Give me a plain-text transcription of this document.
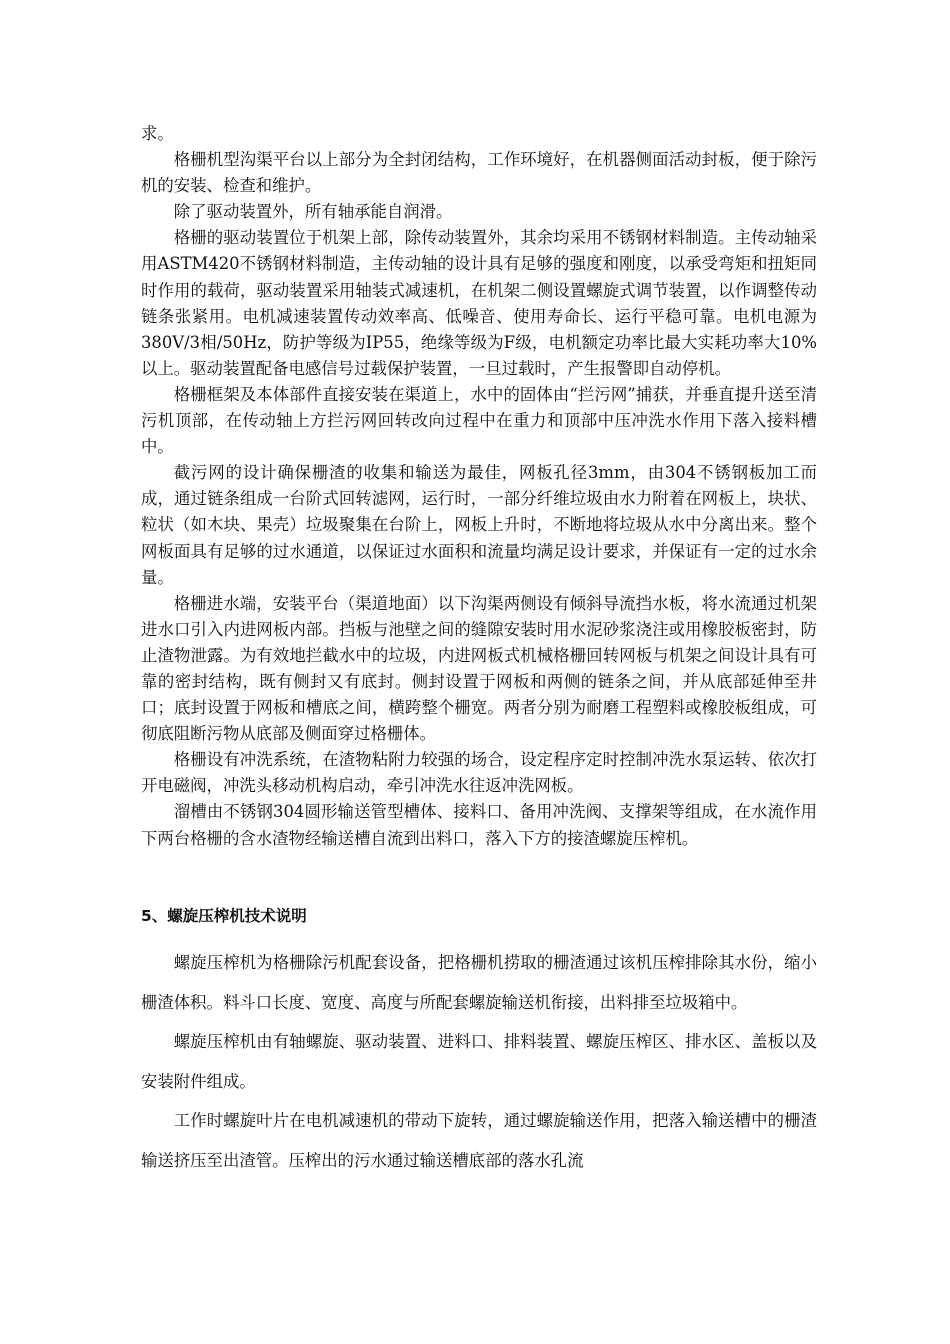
求。

格栅机型沟渠平台以上部分为全封闭结构，工作环境好，在机器侧面活动封板，便于除污机的安装、检查和维护。

除了驱动装置外，所有轴承能自润滑。

格栅的驱动装置位于机架上部，除传动装置外，其余均采用不锈钢材料制造。主传动轴采用ASTM420不锈钢材料制造，主传动轴的设计具有足够的强度和刚度，以承受弯矩和扭矩同时作用的载荷，驱动装置采用轴装式减速机，在机架二侧设置螺旋式调节装置，以作调整传动链条张紧用。电机减速装置传动效率高、低噪音、使用寿命长、运行平稳可靠。电机电源为380V/3相/50Hz，防护等级为IP55，绝缘等级为F级，电机额定功率比最大实耗功率大10%以上。驱动装置配备电感信号过载保护装置，一旦过载时，产生报警即自动停机。

格栅框架及本体部件直接安装在渠道上，水中的固体由“拦污网”捕获，并垂直提升送至清污机顶部，在传动轴上方拦污网回转改向过程中在重力和顶部中压冲洗水作用下落入接料槽中。

截污网的设计确保栅渣的收集和输送为最佳，网板孔径3mm，由304不锈钢板加工而成，通过链条组成一台阶式回转滤网，运行时，一部分纤维垃圾由水力附着在网板上，块状、粒状（如木块、果壳）垃圾聚集在台阶上，网板上升时，不断地将垃圾从水中分离出来。整个网板面具有足够的过水通道，以保证过水面积和流量均满足设计要求，并保证有一定的过水余量。

格栅进水端，安装平台（渠道地面）以下沟渠两侧设有倾斜导流挡水板，将水流通过机架进水口引入内进网板内部。挡板与池壁之间的缝隙安装时用水泥砂浆浇注或用橡胶板密封，防止渣物泄露。为有效地拦截水中的垃圾，内进网板式机械格栅回转网板与机架之间设计具有可靠的密封结构，既有侧封又有底封。侧封设置于网板和两侧的链条之间，并从底部延伸至井口；底封设置于网板和槽底之间，横跨整个栅宽。两者分别为耐磨工程塑料或橡胶板组成，可彻底阻断污物从底部及侧面穿过格栅体。

格栅设有冲洗系统，在渣物粘附力较强的场合，设定程序定时控制冲洗水泵运转、依次打开电磁阀，冲洗头移动机构启动，牵引冲洗水往返冲洗网板。

溜槽由不锈钢304圆形输送管型槽体、接料口、备用冲洗阀、支撑架等组成，在水流作用下两台格栅的含水渣物经输送槽自流到出料口，落入下方的接渣螺旋压榨机。

5、螺旋压榨机技术说明

螺旋压榨机为格栅除污机配套设备，把格栅机捞取的栅渣通过该机压榨排除其水份，缩小栅渣体积。料斗口长度、宽度、高度与所配套螺旋输送机衔接，出料排至垃圾箱中。

螺旋压榨机由有轴螺旋、驱动装置、进料口、排料装置、螺旋压榨区、排水区、盖板以及安装附件组成。

工作时螺旋叶片在电机减速机的带动下旋转，通过螺旋输送作用，把落入输送槽中的栅渣输送挤压至出渣管。压榨出的污水通过输送槽底部的落水孔流
